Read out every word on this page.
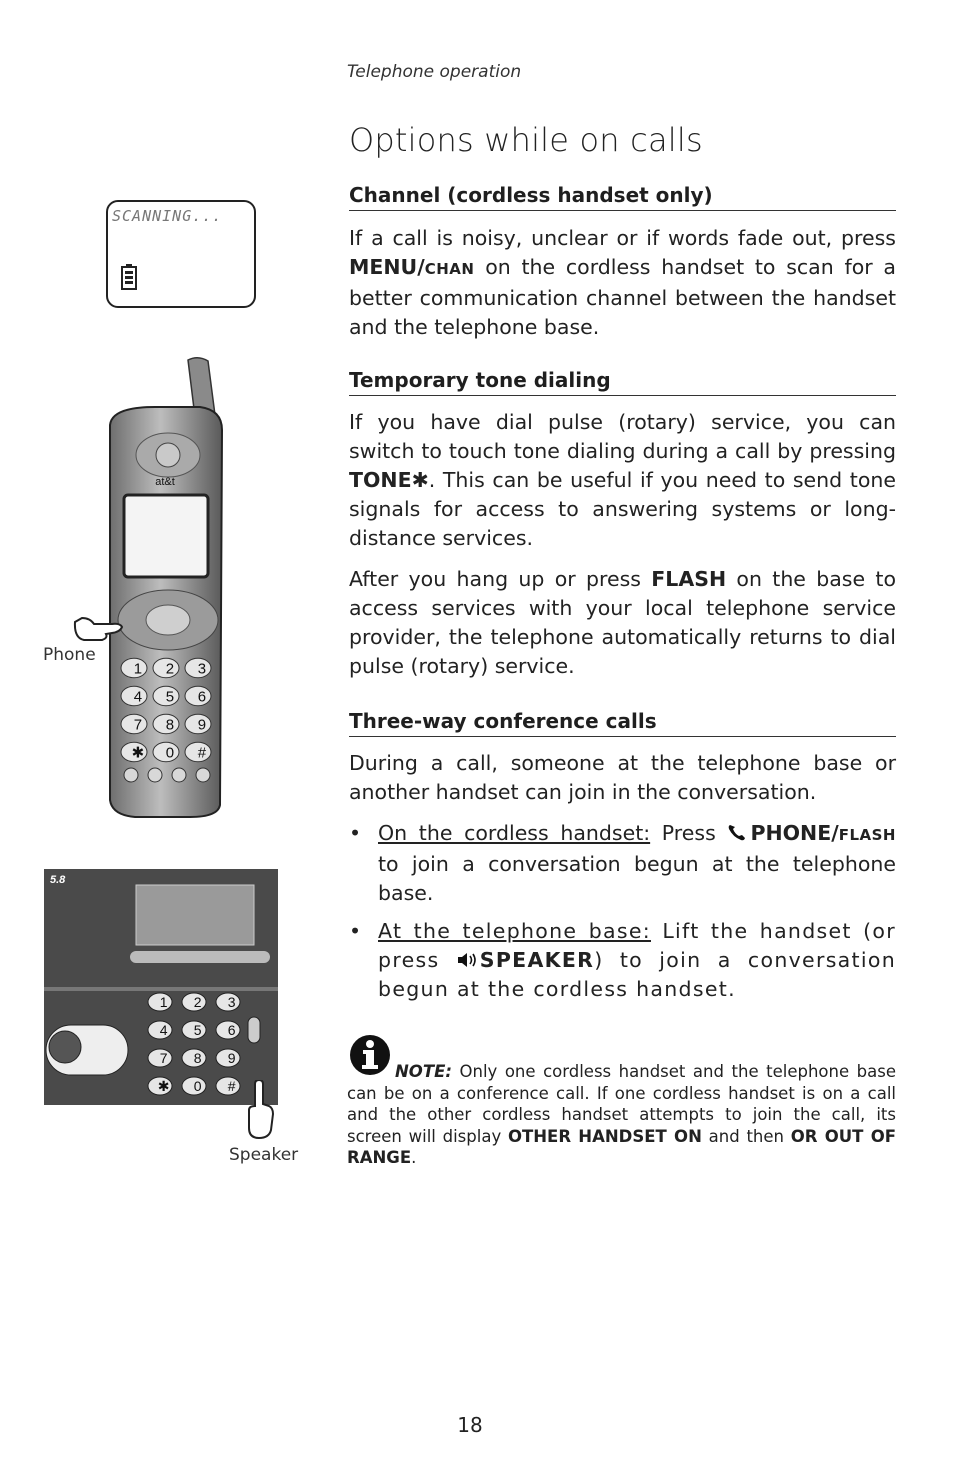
Telephone operation
Options while on calls
SCANNING...
at&t
1 2 3
4 5 6
7 8 9
✱ 0 #
Phone
5.8
1 2 3
4 5 6
7 8 9
✱ 0 #
Speaker
Channel (cordless handset only)
If a call is noisy, unclear or if words fade out, press MENU/CHAN on the cordless handset to scan for a better communication channel between the handset and the telephone base.
Temporary tone dialing
If you have dial pulse (rotary) service, you can switch to touch tone dialing during a call by pressing TONE✱. This can be useful if you need to send tone signals for access to answering systems or long-distance services.
After you hang up or press FLASH on the base to access services with your local telephone service provider, the telephone automatically returns to dial pulse (rotary) service.
Three-way conference calls
During a call, someone at the telephone base or another handset can join in the conversation.
• On the cordless handset: Press PHONE/FLASH to join a conversation begun at the telephone base.
• At the telephone base: Lift the handset (or press SPEAKER) to join a conversation begun at the cordless handset.
NOTE: Only one cordless handset and the telephone base can be on a conference call. If one cordless handset is on a call and the other cordless handset attempts to join the call, its screen will display OTHER HANDSET ON and then OR OUT OF RANGE.
18
